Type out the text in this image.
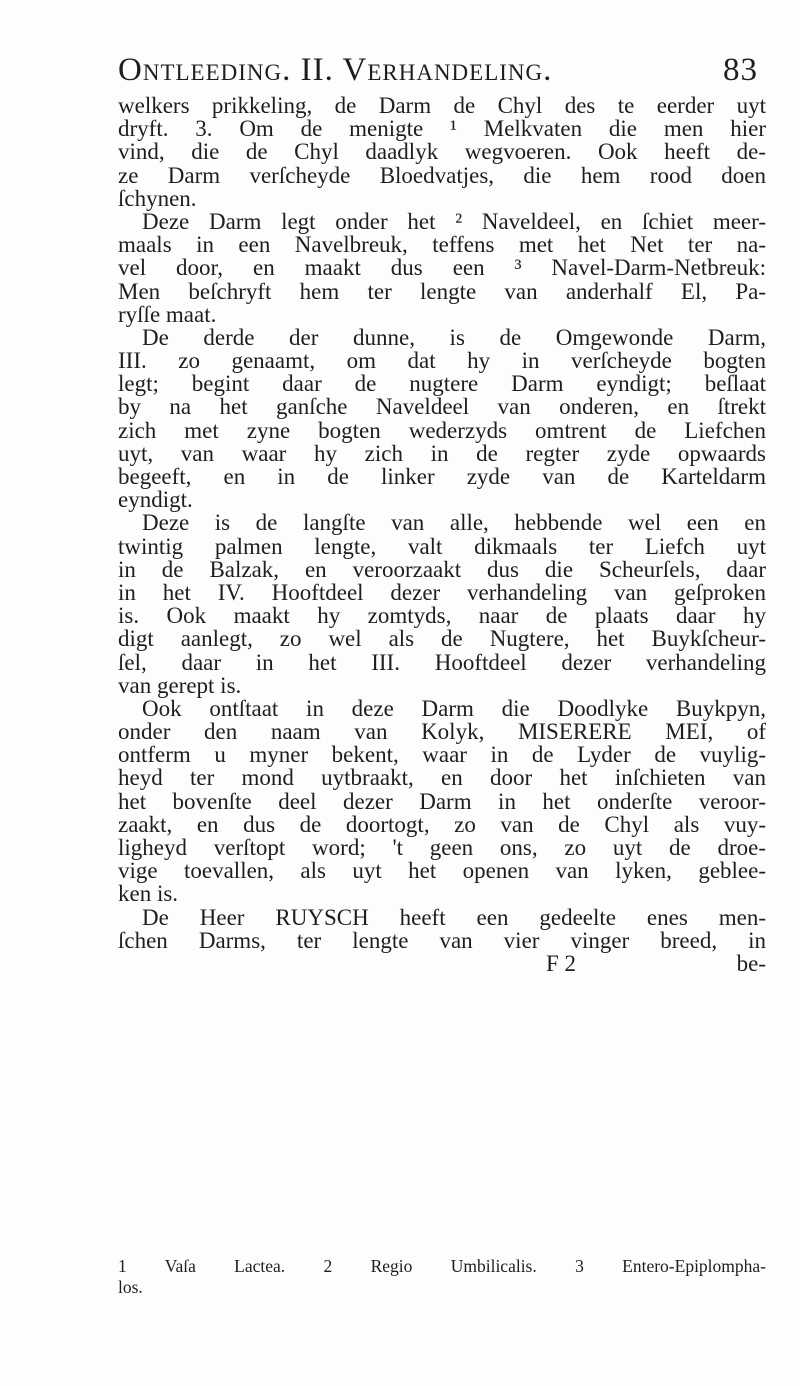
Ontleeding. II. Verhandeling.	83
welkers prikkeling, de Darm de Chyl des te eerder uyt
dryft. 3. Om de menigte ¹ Melkvaten die men hier
vind, die de Chyl daadlyk wegvoeren. Ook heeft de-
ze Darm verſcheyde Bloedvatjes, die hem rood doen
ſchynen.
Deze Darm legt onder het ² Naveldeel, en ſchiet meer-
maals in een Navelbreuk, teffens met het Net ter na-
vel door, en maakt dus een ³ Navel-Darm-Netbreuk:
Men beſchryft hem ter lengte van anderhalf El, Pa-
ryſſe maat.
De derde der dunne, is de Omgewonde Darm,
III. zo genaamt, om dat hy in verſcheyde bogten
legt; begint daar de nugtere Darm eyndigt; beſlaat
by na het ganſche Naveldeel van onderen, en ſtrekt
zich met zyne bogten wederzyds omtrent de Liefchen
uyt, van waar hy zich in de regter zyde opwaards
begeeft, en in de linker zyde van de Karteldarm
eyndigt.
Deze is de langſte van alle, hebbende wel een en
twintig palmen lengte, valt dikmaals ter Liefch uyt
in de Balzak, en veroorzaakt dus die Scheurſels, daar
in het IV. Hooftdeel dezer verhandeling van geſproken
is. Ook maakt hy zomtyds, naar de plaats daar hy
digt aanlegt, zo wel als de Nugtere, het Buykſcheur-
ſel, daar in het III. Hooftdeel dezer verhandeling
van gerept is.
Ook ontſtaat in deze Darm die Doodlyke Buykpyn,
onder den naam van Kolyk, MISERERE MEI, of
ontferm u myner bekent, waar in de Lyder de vuylig-
heyd ter mond uytbraakt, en door het inſchieten van
het bovenſte deel dezer Darm in het onderſte veroor-
zaakt, en dus de doortogt, zo van de Chyl als vuy-
ligheyd verſtopt word; 't geen ons, zo uyt de droe-
vige toevallen, als uyt het openen van lyken, geblee-
ken is.
De Heer RUYSCH heeft een gedeelte enes men-
ſchen Darms, ter lengte van vier vinger breed, in
F 2	be-
1 Vaſa Lactea. 2 Regio Umbilicalis. 3 Entero-Epiplompha-
los.
